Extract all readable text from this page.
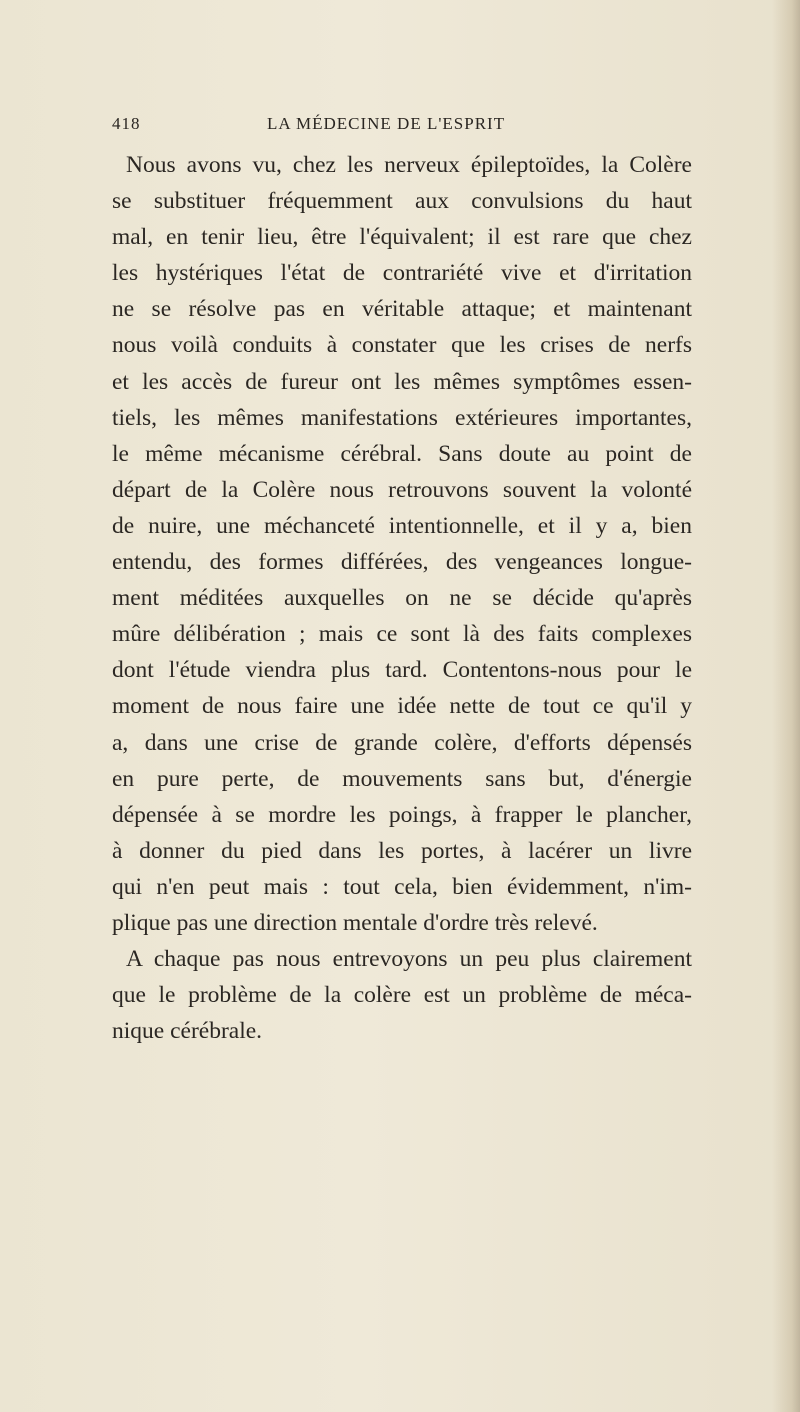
418	LA MÉDECINE DE L'ESPRIT
Nous avons vu, chez les nerveux épileptoïdes, la Colère
se substituer fréquemment aux convulsions du haut
mal, en tenir lieu, être l'équivalent; il est rare que chez
les hystériques l'état de contrariété vive et d'irritation
ne se résolve pas en véritable attaque; et maintenant
nous voilà conduits à constater que les crises de nerfs
et les accès de fureur ont les mêmes symptômes essen-
tiels, les mêmes manifestations extérieures importantes,
le même mécanisme cérébral. Sans doute au point de
départ de la Colère nous retrouvons souvent la volonté
de nuire, une méchanceté intentionnelle, et il y a, bien
entendu, des formes différées, des vengeances longue-
ment méditées auxquelles on ne se décide qu'après
mûre délibération ; mais ce sont là des faits complexes
dont l'étude viendra plus tard. Contentons-nous pour le
moment de nous faire une idée nette de tout ce qu'il y
a, dans une crise de grande colère, d'efforts dépensés
en pure perte, de mouvements sans but, d'énergie
dépensée à se mordre les poings, à frapper le plancher,
à donner du pied dans les portes, à lacérer un livre
qui n'en peut mais : tout cela, bien évidemment, n'im-
plique pas une direction mentale d'ordre très relevé.
A chaque pas nous entrevoyons un peu plus clairement
que le problème de la colère est un problème de méca-
nique cérébrale.
